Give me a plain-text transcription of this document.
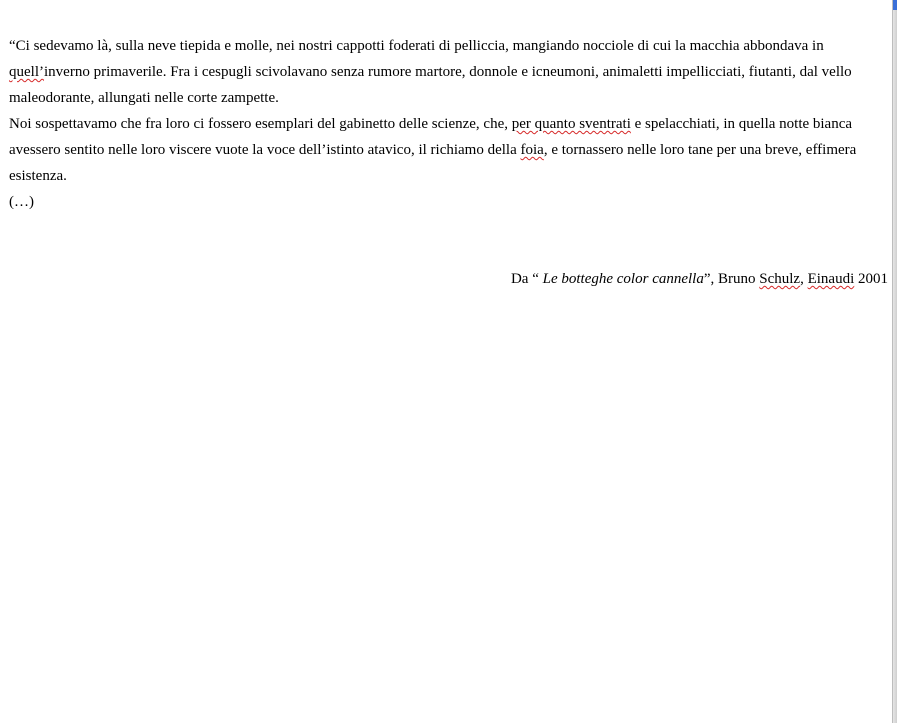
“Ci sedevamo là, sulla neve tiepida e molle, nei nostri cappotti foderati di pelliccia, mangiando nocciole di cui la macchia abbondava in quell’inverno primaverile. Fra i cespugli scivolavano senza rumore martore, donnole e icneumoni, animaletti impellicciati, fiutanti, dal vello maleodorante, allungati nelle corte zampette.

Noi sospettavamo che fra loro ci fossero esemplari del gabinetto delle scienze, che, per quanto sventrati e spelacchiati, in quella notte bianca avessero sentito nelle loro viscere vuote la voce dell’istinto atavico, il richiamo della foia, e tornassero nelle loro tane per una breve, effimera esistenza.

(…)

Da “ Le botteghe color cannella”, Bruno Schulz, Einaudi 2001
